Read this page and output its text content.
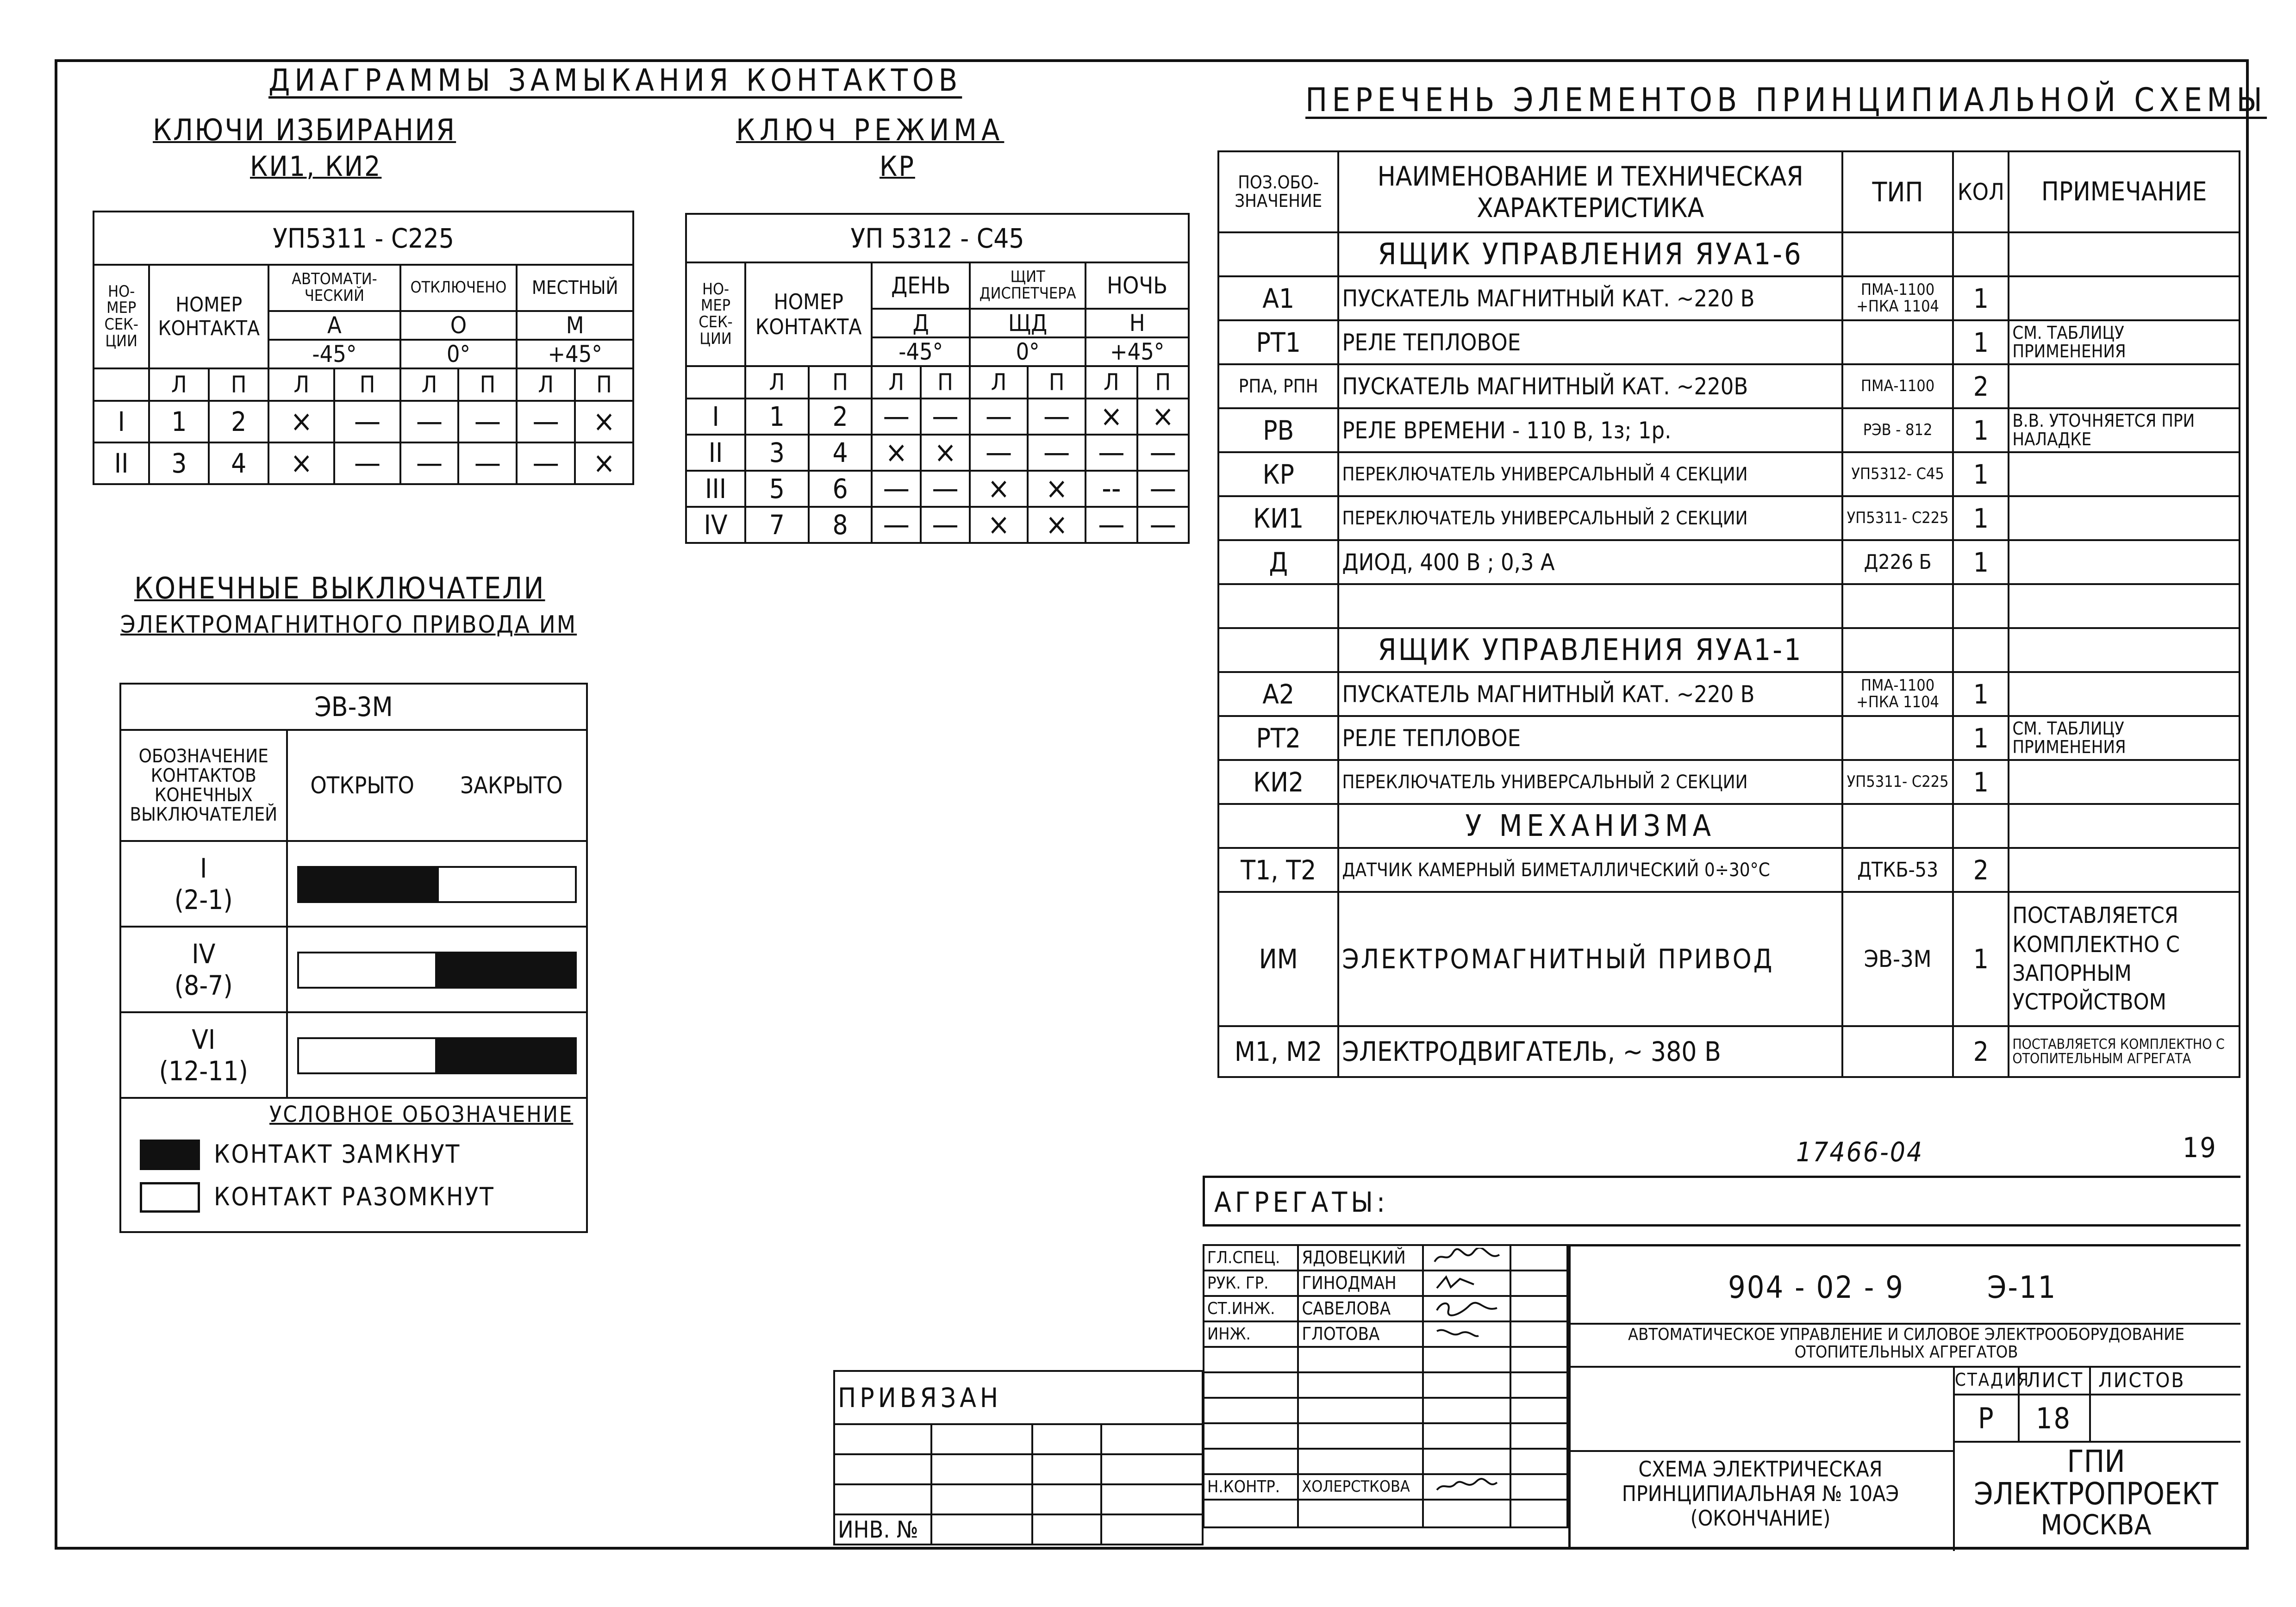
ДИАГРАММЫ ЗАМЫКАНИЯ КОНТАКТОВ
ПЕРЕЧЕНЬ ЭЛЕМЕНТОВ ПРИНЦИПИАЛЬНОЙ СХЕМЫ
КЛЮЧИ ИЗБИРАНИЯ
КИ1, КИ2
УП5311 - С225								
НО-МЕР СЕК-ЦИИ	НОМЕР КОНТАКТА		АВТОМАТИ-ЧЕСКИЙ		ОТКЛЮЧЕНО		МЕСТНЫЙ	
			А		О		М	
			-45°		0°		+45°	
	Л	П	Л	П	Л	П	Л	П
I	1	2	×	—	—	—	—	×
II	3	4	×	—	—	—	—	×
КЛЮЧ РЕЖИМА
КР
УП 5312 - С45								
НО-МЕР СЕК-ЦИИ	НОМЕР КОНТАКТА		ДЕНЬ		ЩИТ ДИСПЕТЧЕРА		НОЧЬ	
			Д		ЩД		Н	
			-45°		0°		+45°	
	Л	П	Л	П	Л	П	Л	П
I	1	2	—	—	—	—	×	×
II	3	4	×	×	—	—	—	—
III	5	6	—	—	×	×	--	—
IV	7	8	—	—	×	×	—	—
КОНЕЧНЫЕ ВЫКЛЮЧАТЕЛИ
ЭЛЕКТРОМАГНИТНОГО ПРИВОДА ИМ
ЭВ-3М		
ОБОЗНАЧЕНИЕ КОНТАКТОВ КОНЕЧНЫХ ВЫКЛЮЧАТЕЛЕЙ	ОТКРЫТО	ЗАКРЫТО
I
(2-1)	

IV
(8-7)	

VI
(12-11)	

УСЛОВНОЕ ОБОЗНАЧЕНИЕ
КОНТАКТ ЗАМКНУТ
КОНТАКТ РАЗОМКНУТ		
ПОЗ.ОБО-ЗНАЧЕНИЕ	НАИМЕНОВАНИЕ И ТЕХНИЧЕСКАЯ ХАРАКТЕРИСТИКА	ТИП	КОЛ	ПРИМЕЧАНИЕ
	ЯЩИК УПРАВЛЕНИЯ ЯУА1-6			
А1	ПУСКАТЕЛЬ МАГНИТНЫЙ КАТ. ~220 В	ПМА-1100 +ПКА 1104	1	
РТ1	РЕЛЕ ТЕПЛОВОЕ		1	СМ. ТАБЛИЦУ ПРИМЕНЕНИЯ
РПА, РПН	ПУСКАТЕЛЬ МАГНИТНЫЙ КАТ. ~220В	ПМА-1100	2	
РВ	РЕЛЕ ВРЕМЕНИ - 110 В, 1з; 1р.	РЭВ - 812	1	В.В. УТОЧНЯЕТСЯ ПРИ НАЛАДКЕ
КР	ПЕРЕКЛЮЧАТЕЛЬ УНИВЕРСАЛЬНЫЙ 4 СЕКЦИИ	УП5312- С45	1	
КИ1	ПЕРЕКЛЮЧАТЕЛЬ УНИВЕРСАЛЬНЫЙ 2 СЕКЦИИ	УП5311- С225	1	
Д	ДИОД, 400 В ; 0,3 А	Д226 Б	1	

	ЯЩИК УПРАВЛЕНИЯ ЯУА1-1			
А2	ПУСКАТЕЛЬ МАГНИТНЫЙ КАТ. ~220 В	ПМА-1100 +ПКА 1104	1	
РТ2	РЕЛЕ ТЕПЛОВОЕ		1	СМ. ТАБЛИЦУ ПРИМЕНЕНИЯ
КИ2	ПЕРЕКЛЮЧАТЕЛЬ УНИВЕРСАЛЬНЫЙ 2 СЕКЦИИ	УП5311- С225	1	
	У МЕХАНИЗМА			
Т1, Т2	ДАТЧИК КАМЕРНЫЙ БИМЕТАЛЛИЧЕСКИЙ 0÷30°С	ДТКБ-53	2	
ИМ	ЭЛЕКТРОМАГНИТНЫЙ ПРИВОД	ЭВ-3М	1	ПОСТАВЛЯЕТСЯ КОМПЛЕКТНО С ЗАПОРНЫМ УСТРОЙСТВОМ
М1, М2	ЭЛЕКТРОДВИГАТЕЛЬ, ~ 380 В		2	ПОСТАВЛЯЕТСЯ КОМПЛЕКТНО С ОТОПИТЕЛЬНЫМ АГРЕГАТА
17466-04	19
АГРЕГАТЫ:
ГЛ.СПЕЦ.	ЯДОВЕЦКИЙ		
РУК. ГР.	ГИНОДМАН		
СТ.ИНЖ.	САВЕЛОВА		
ИНЖ.	ГЛОТОВА		

Н.КОНТР.	ХОЛЕРСТКОВА		

904 - 02 - 9	Э-11
АВТОМАТИЧЕСКОЕ УПРАВЛЕНИЕ И СИЛОВОЕ ЭЛЕКТРООБОРУДОВАНИЕ ОТОПИТЕЛЬНЫХ АГРЕГАТОВ
СТАДИЯ
ЛИСТ ЛИСТОВ
Р 18
СХЕМА ЭЛЕКТРИЧЕСКАЯ ПРИНЦИПИАЛЬНАЯ № 10АЭ (ОКОНЧАНИЕ)
ГПИ
ЭЛЕКТРОПРОЕКТ
МОСКВА
ПРИВЯЗАН			

ИНВ. №			
